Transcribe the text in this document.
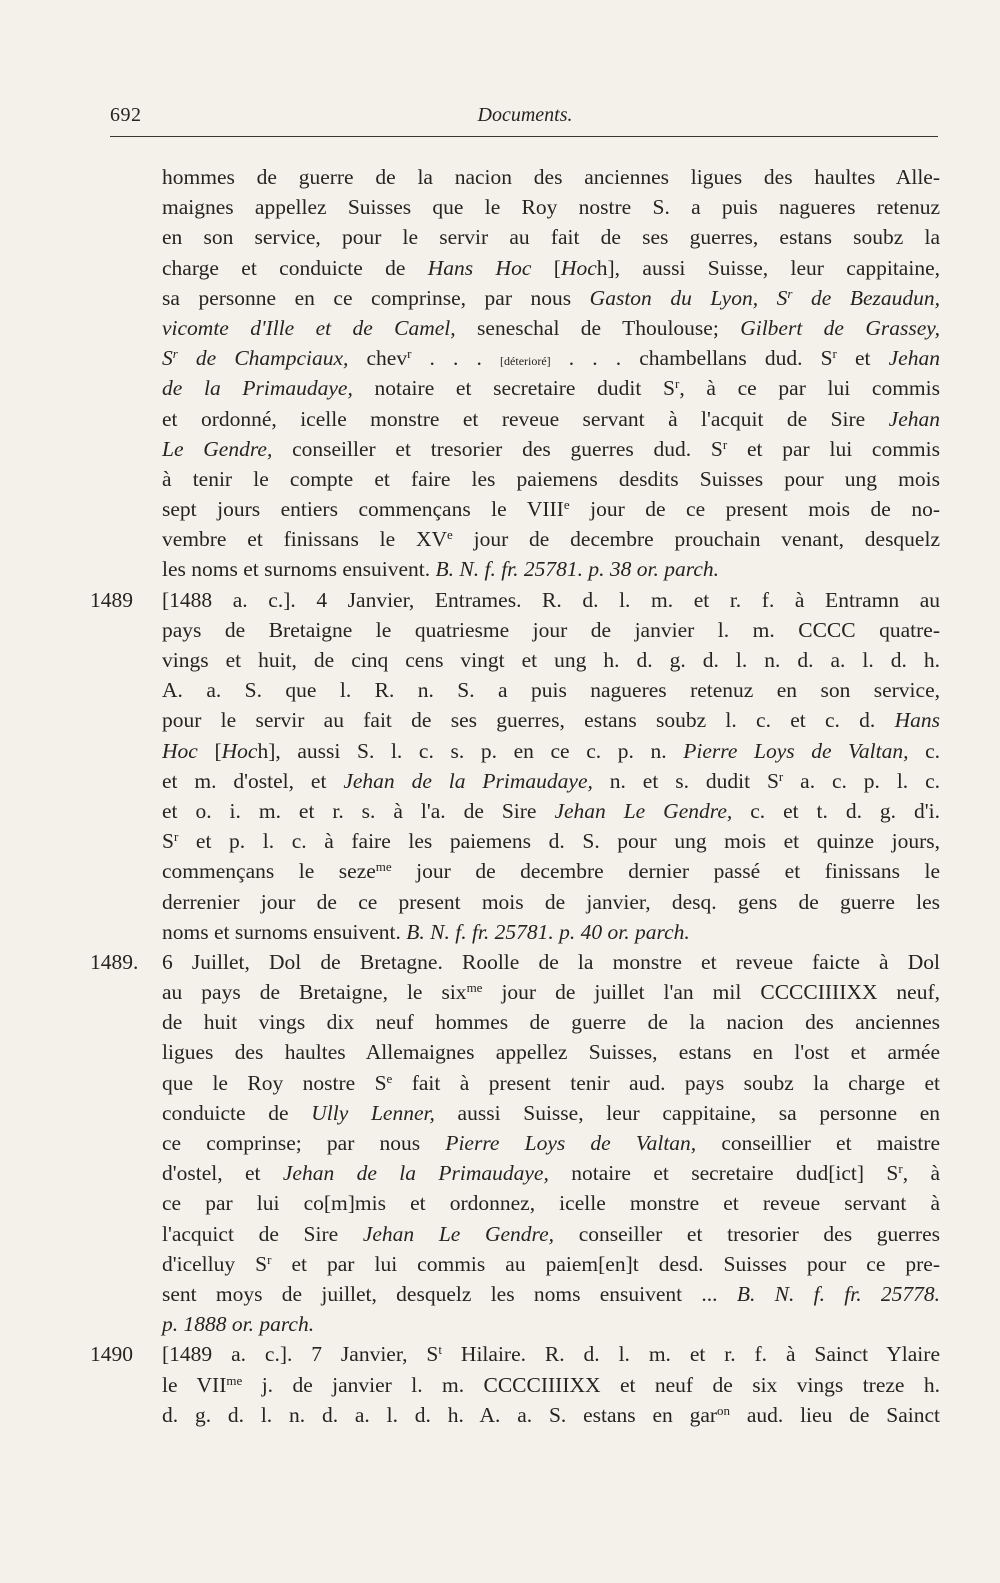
692	Documents.
hommes de guerre de la nacion des anciennes ligues des haultes Alle-
maignes appellez Suisses que le Roy nostre S. a puis nagueres retenuz
en son service, pour le servir au fait de ses guerres, estans soubz la
charge et conduicte de Hans Hoc [Hoch], aussi Suisse, leur cappitaine,
sa personne en ce comprinse, par nous Gaston du Lyon, $S^r$ de Bezaudun,
vicomte d'Ille et de Camel, seneschal de Thoulouse; Gilbert de Grassey,
$S^r$ de Champciaux, chev$^r$ . . . [déterioré] . . . chambellans dud. $S^r$ et Jehan
de la Primaudaye, notaire et secretaire dudit $S^r$, à ce par lui commis
et ordonné, icelle monstre et reveue servant à l'acquit de Sire Jehan
Le Gendre, conseiller et tresorier des guerres dud. $S^r$ et par lui commis
à tenir le compte et faire les paiemens desdits Suisses pour ung mois
sept jours entiers commençans le VIIIe jour de ce present mois de no-
vembre et finissans le XVe jour de decembre prouchain venant, desquelz
les noms et surnoms ensuivent. B. N. f. fr. 25781. p. 38 or. parch.
1489 [1488 a. c.]. 4 Janvier, Entrames. R. d. l. m. et r. f. à Entramn au
pays de Bretaigne le quatriesme jour de janvier l. m. CCCC quatre-
vings et huit, de cinq cens vingt et ung h. d. g. d. l. n. d. a. l. d. h.
A. a. S. que l. R. n. S. a puis nagueres retenuz en son service,
pour le servir au fait de ses guerres, estans soubz l. c. et c. d. Hans
Hoc [Hoch], aussi S. l. c. s. p. en ce c. p. n. Pierre Loys de Valtan, c.
et m. d'ostel, et Jehan de la Primaudaye, n. et s. dudit $S^r$ a. c. p. l. c.
et o. i. m. et r. s. à l'a. de Sire Jehan Le Gendre, c. et t. d. g. d'i.
$S^r$ et p. l. c. à faire les paiemens d. S. pour ung mois et quinze jours,
commençans le seze$^{me}$ jour de decembre dernier passé et finissans le
derrenier jour de ce present mois de janvier, desq. gens de guerre les
noms et surnoms ensuivent. B. N. f. fr. 25781. p. 40 or. parch.
1489. 6 Juillet, Dol de Bretagne. Roolle de la monstre et reveue faicte à Dol
au pays de Bretaigne, le six$^{me}$ jour de juillet l'an mil CCCCIIIIXX neuf,
de huit vings dix neuf hommes de guerre de la nacion des anciennes
ligues des haultes Allemaignes appellez Suisses, estans en l'ost et armée
que le Roy nostre $S^e$ fait à present tenir aud. pays soubz la charge et
conduicte de Ully Lenner, aussi Suisse, leur cappitaine, sa personne en
ce comprinse; par nous Pierre Loys de Valtan, conseillier et maistre
d'ostel, et Jehan de la Primaudaye, notaire et secretaire dud[ict] $S^r$, à
ce par lui co[m]mis et ordonnez, icelle monstre et reveue servant à
l'acquict de Sire Jehan Le Gendre, conseiller et tresorier des guerres
d'icelluy $S^r$ et par lui commis au paiem[en]t desd. Suisses pour ce pre-
sent moys de juillet, desquelz les noms ensuivent ... B. N. f. fr. 25778.
p. 1888 or. parch.
1490 [1489 a. c.]. 7 Janvier, $S^t$ Hilaire. R. d. l. m. et r. f. à Sainct Ylaire
le $VII^{me}$ j. de janvier l. m. CCCCIIIIXX et neuf de six vings treze h.
d. g. d. l. n. d. a. l. d. h. A. a. S. estans en gar$^{on}$ aud. lieu de Sainct
